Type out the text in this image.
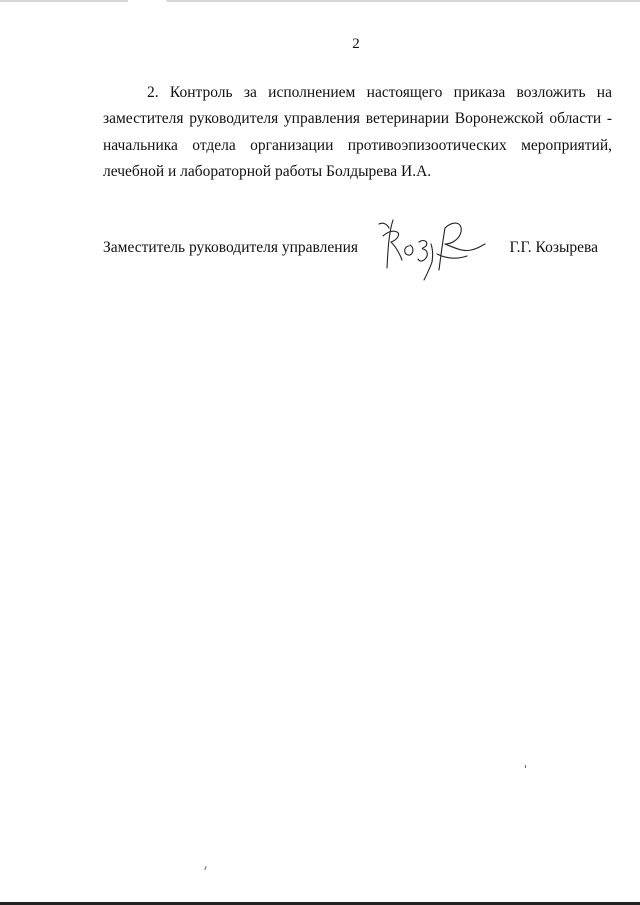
2
2. Контроль за исполнением настоящего приказа возложить на
заместителя руководителя управления ветеринарии Воронежской области -
начальника отдела организации противоэпизоотических мероприятий,
лечебной и лабораторной работы Болдырева И.А.
Заместитель руководителя управления	Г.Г. Козырева
